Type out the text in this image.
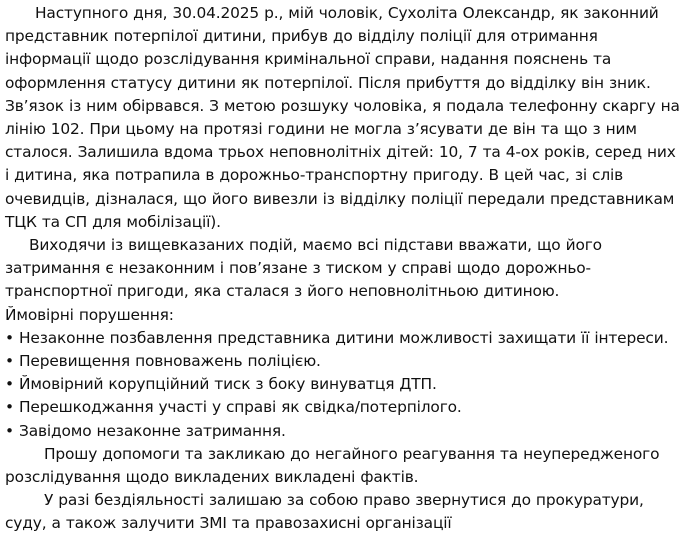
Наступного дня, 30.04.2025 р., мій чоловік, Сухоліта Олександр, як законний представник потерпілої дитини, прибув до відділу поліції для отримання інформації щодо розслідування кримінальної справи, надання пояснень та оформлення статусу дитини як потерпілої. Після прибуття до відділку він зник. Зв’язок із ним обірвався. З метою розшуку чоловіка, я подала телефонну скаргу на лінію 102. При цьому на протязі години не могла з’ясувати де він та що з ним сталося. Залишила вдома трьох неповнолітніх дітей: 10, 7 та 4-ох років, серед них і дитина, яка потрапила в дорожньо-транспортну пригоду. В цей час, зі слів очевидців, дізналася, що його вивезли із відділку поліції передали представникам ТЦК та СП для мобілізації).

Виходячи із вищевказаних подій, маємо всі підстави вважати, що його затримання є незаконним і пов’язане з тиском у справі щодо дорожньо-транспортної пригоди, яка сталася з його неповнолітньою дитиною.

Ймовірні порушення:

• Незаконне позбавлення представника дитини можливості захищати її інтереси.
• Перевищення повноважень поліцією.
• Ймовірний корупційний тиск з боку винуватця ДТП.
• Перешкоджання участі у справі як свідка/потерпілого.
• Завідомо незаконне затримання.

Прошу допомоги та закликаю до негайного реагування та неупередженого розслідування щодо викладених викладені фактів.

У разі бездіяльності залишаю за собою право звернутися до прокуратури, суду, а також залучити ЗМІ та правозахисні організації
